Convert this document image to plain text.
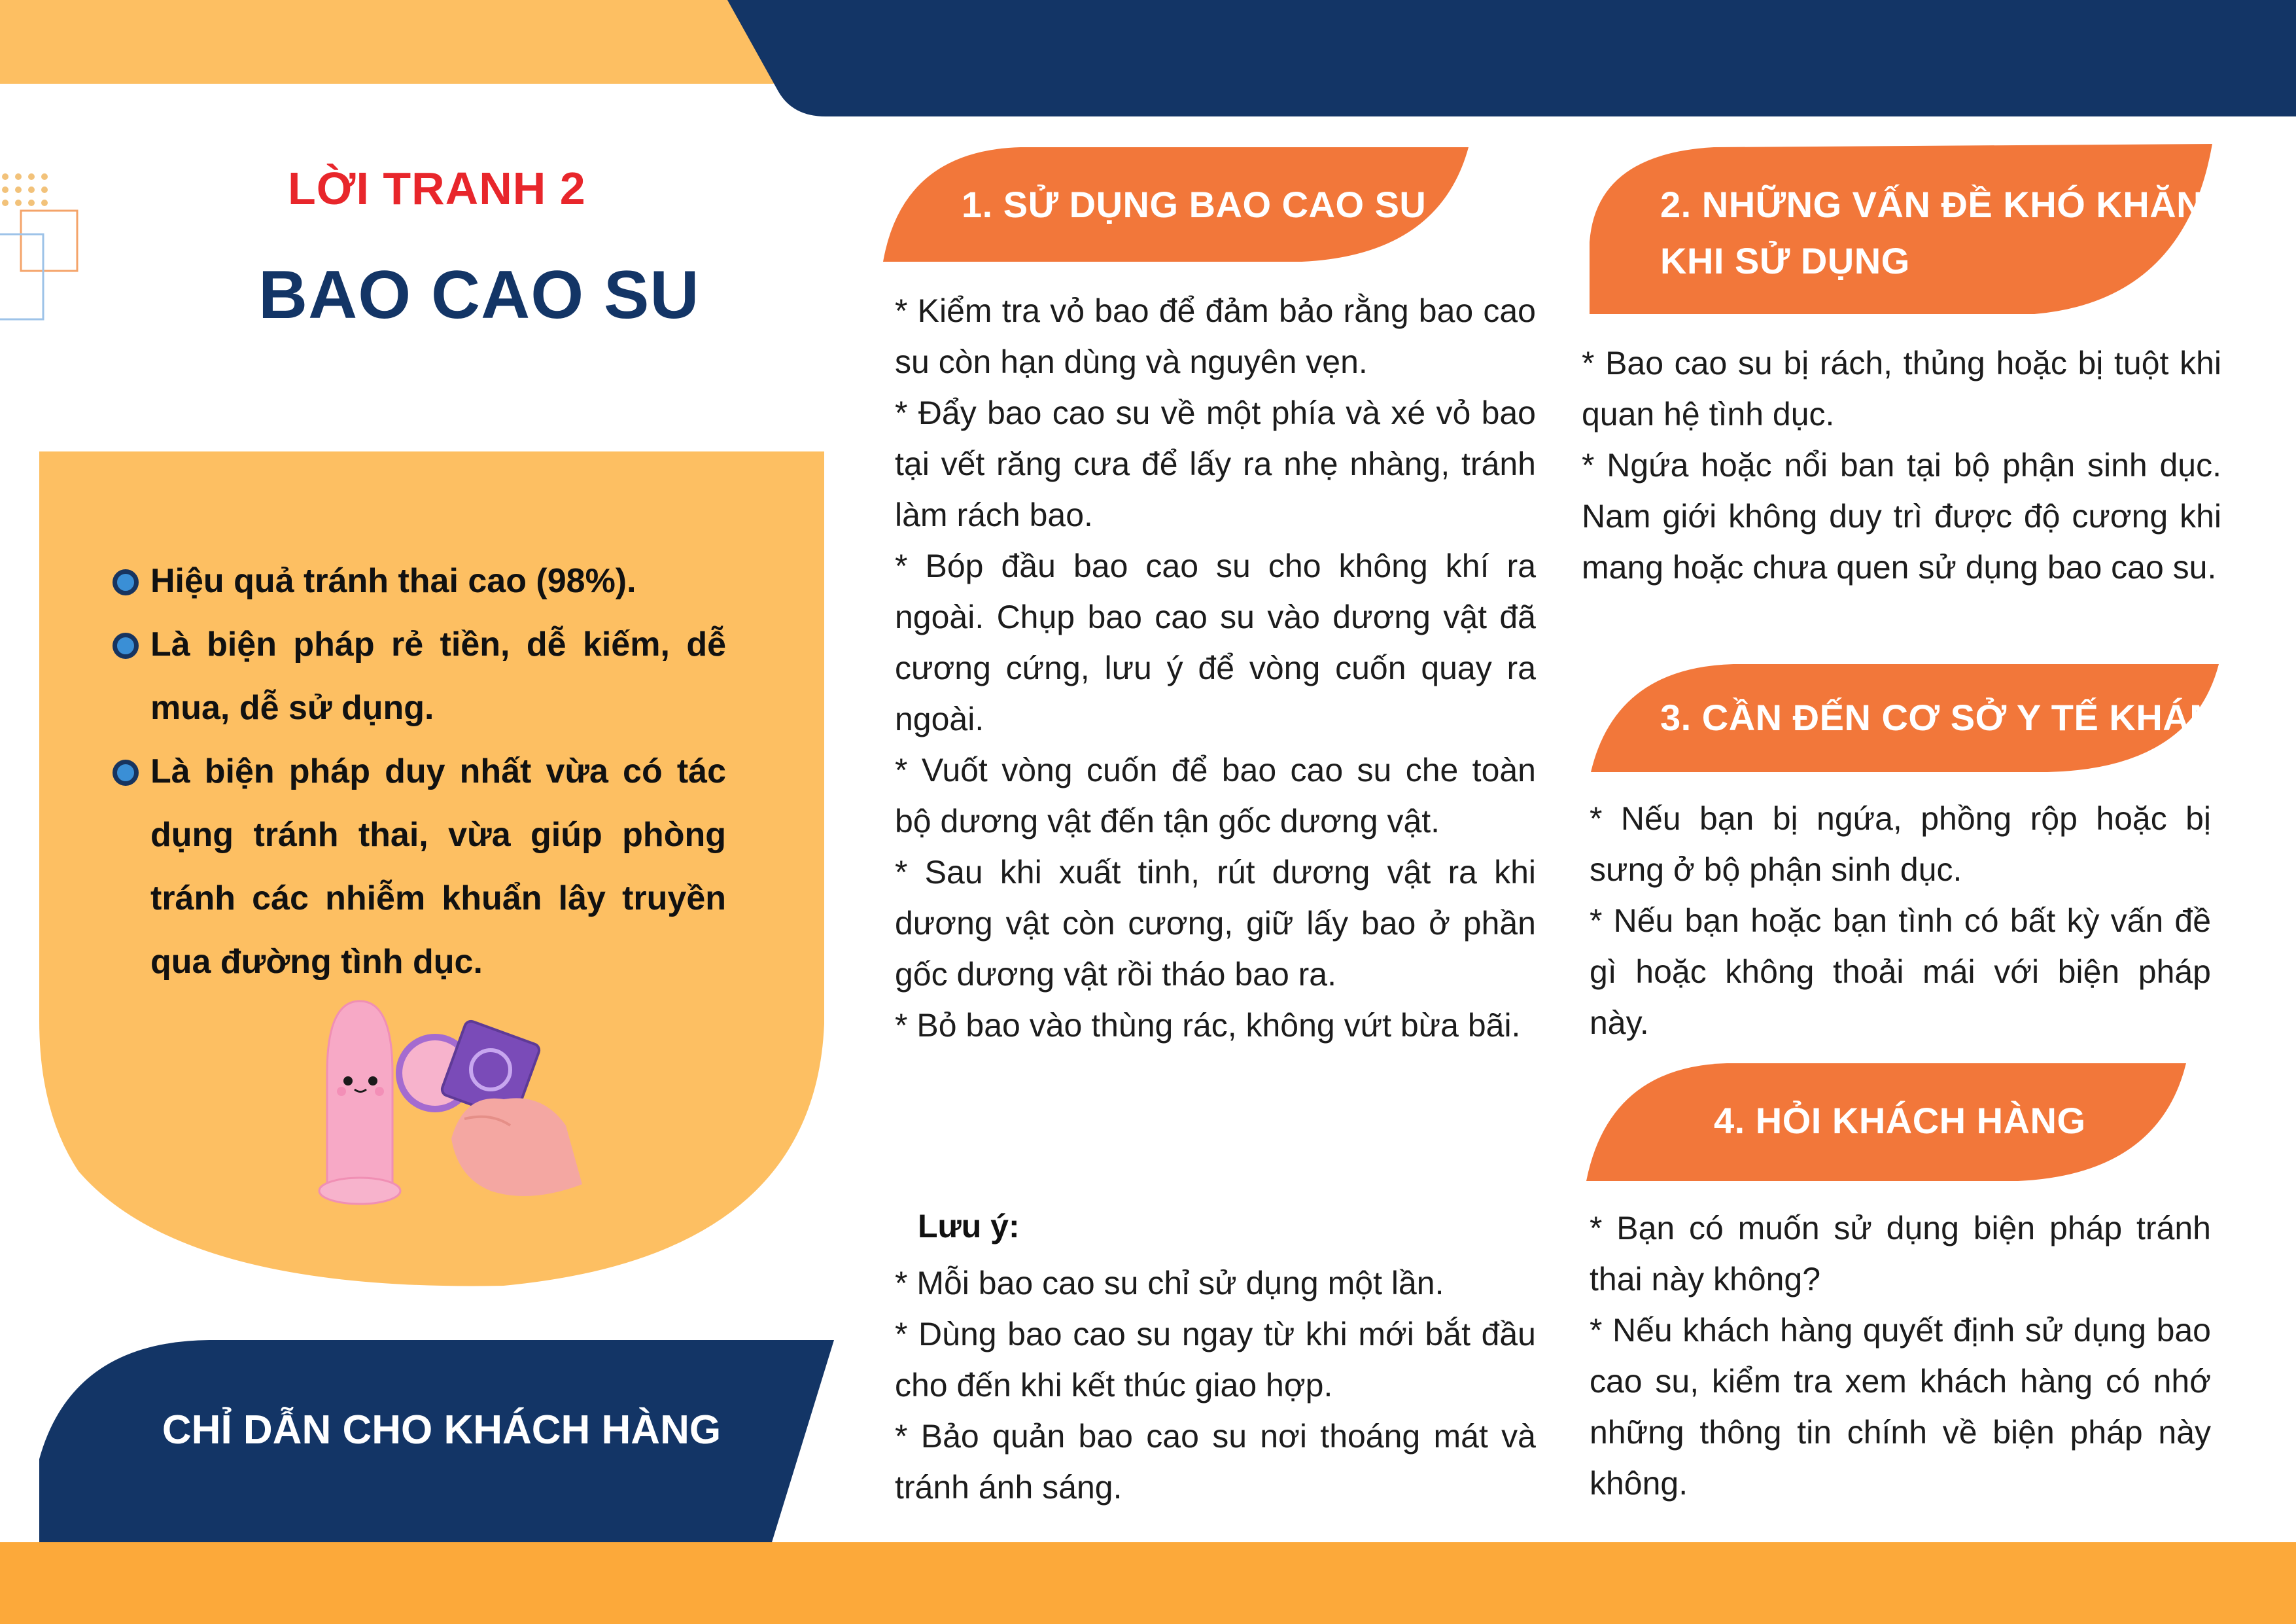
LỜI TRANH 2
BAO CAO SU
Hiệu quả tránh thai cao (98%).
Là biện pháp rẻ tiền, dễ kiếm, dễ mua, dễ sử dụng.
Là biện pháp duy nhất vừa có tác dụng tránh thai, vừa giúp phòng tránh các nhiễm khuẩn lây truyền qua đường tình dục.
CHỈ DẪN CHO KHÁCH HÀNG
1. SỬ DỤNG BAO CAO SU

* Kiểm tra vỏ bao để đảm bảo rằng bao cao su còn hạn dùng và nguyên vẹn.

* Đẩy bao cao su về một phía và xé vỏ bao tại vết răng cưa để lấy ra nhẹ nhàng, tránh làm rách bao.

* Bóp đầu bao cao su cho không khí ra ngoài. Chụp bao cao su vào dương vật đã cương cứng, lưu ý để vòng cuốn quay ra ngoài.

* Vuốt vòng cuốn để bao cao su che toàn bộ dương vật đến tận gốc dương vật.

* Sau khi xuất tinh, rút dương vật ra khi dương vật còn cương, giữ lấy bao ở phần gốc dương vật rồi tháo bao ra.

* Bỏ bao vào thùng rác, không vứt bừa bãi.

Lưu ý:

* Mỗi bao cao su chỉ sử dụng một lần.

* Dùng bao cao su ngay từ khi mới bắt đầu cho đến khi kết thúc giao hợp.

* Bảo quản bao cao su nơi thoáng mát và tránh ánh sáng.

2. NHỮNG VẤN ĐỀ KHÓ KHĂN
KHI SỬ DỤNG

* Bao cao su bị rách, thủng hoặc bị tuột khi quan hệ tình dục.

* Ngứa hoặc nổi ban tại bộ phận sinh dục. Nam giới không duy trì được độ cương khi mang hoặc chưa quen sử dụng bao cao su.

3. CẦN ĐẾN CƠ SỞ Y TẾ KHÁM

* Nếu bạn bị ngứa, phồng rộp hoặc bị sưng ở bộ phận sinh dục.

* Nếu bạn hoặc bạn tình có bất kỳ vấn đề gì hoặc không thoải mái với biện pháp này.

4. HỎI KHÁCH HÀNG

* Bạn có muốn sử dụng biện pháp tránh thai này không?

* Nếu khách hàng quyết định sử dụng bao cao su, kiểm tra xem khách hàng có nhớ những thông tin chính về biện pháp này không.
